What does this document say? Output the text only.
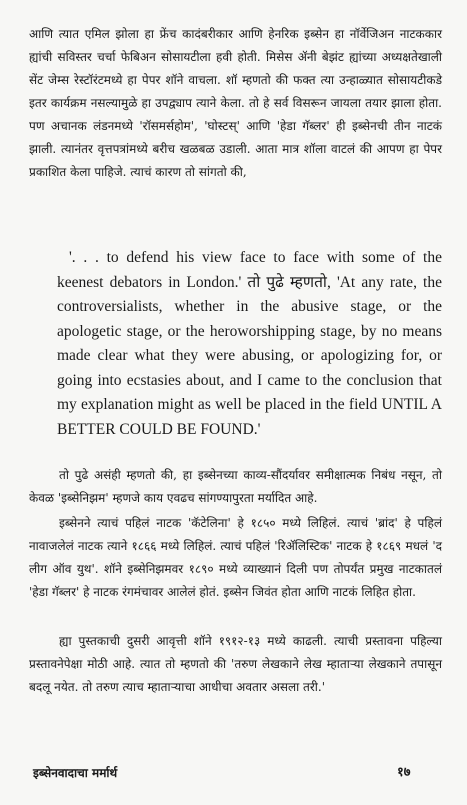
आणि त्यात एमिल झोला हा फ्रेंच कादंबरीकार आणि हेनरिक इब्सेन हा नॉर्वेजिअन नाटककार ह्यांची सविस्तर चर्चा फेबिअन सोसायटीला हवी होती. मिसेस ॲनी बेझंट ह्यांच्या अध्यक्षतेखाली सेंट जेम्स रेस्टॉरंटमध्ये हा पेपर शॉने वाचला. शॉ म्हणतो की फक्त त्या उन्हाळ्यात सोसायटीकडे इतर कार्यक्रम नसल्यामुळे हा उपद्व्याप त्याने केला. तो हे सर्व विसरून जायला तयार झाला होता. पण अचानक लंडनमध्ये 'रॉसमर्सहोम', 'घोस्टस्' आणि 'हेडा गॅब्लर' ही इब्सेनची तीन नाटकं झाली. त्यानंतर वृत्तपत्रांमध्ये बरीच खळबळ उडाली. आता मात्र शॉला वाटलं की आपण हा पेपर प्रकाशित केला पाहिजे. त्याचं कारण तो सांगतो की,

'. . . to defend his view face to face with some of the keenest debators in London.' तो पुढे म्हणतो, 'At any rate, the controversialists, whether in the abusive stage, or the apologetic stage, or the heroworshipping stage, by no means made clear what they were abusing, or apologizing for, or going into ecstasies about, and I came to the conclusion that my explanation might as well be placed in the field UNTIL A BETTER COULD BE FOUND.'

तो पुढे असंही म्हणतो की, हा इब्सेनच्या काव्य-सौंदर्यावर समीक्षात्मक निबंध नसून, तो केवळ 'इब्सेनिझम' म्हणजे काय एवढच सांगण्यापुरता मर्यादित आहे.

इब्सेनने त्याचं पहिलं नाटक 'कॅटेलिना' हे १८५० मध्ये लिहिलं. त्याचं 'ब्रांद' हे पहिलं नावाजलेलं नाटक त्याने १८६६ मध्ये लिहिलं. त्याचं पहिलं 'रिॲलिस्टिक' नाटक हे १८६९ मधलं 'द लीग ऑव युथ'. शॉने इब्सेनिझमवर १८९० मध्ये व्याख्यानं दिली पण तोपर्यंत प्रमुख नाटकातलं 'हेडा गॅब्लर' हे नाटक रंगमंचावर आलेलं होतं. इब्सेन जिवंत होता आणि नाटकं लिहित होता.

ह्या पुस्तकाची दुसरी आवृत्ती शॉने १९१२-१३ मध्ये काढली. त्याची प्रस्तावना पहिल्या प्रस्तावनेपेक्षा मोठी आहे. त्यात तो म्हणतो की 'तरुण लेखकाने लेख म्हाताऱ्या लेखकाने तपासून बदलू नयेत. तो तरुण त्याच म्हाताऱ्याचा आधीचा अवतार असला तरी.'

इब्सेनवादाचा मर्मार्थ	१७
